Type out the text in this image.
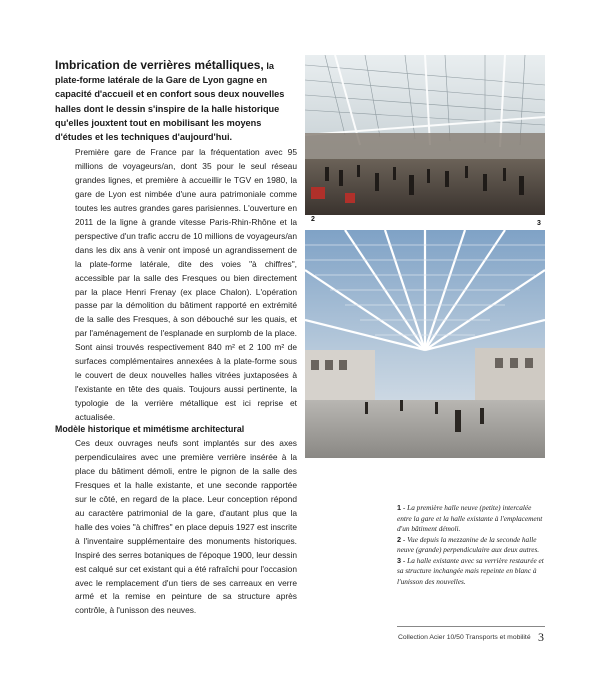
Imbrication de verrières métalliques, la plate-forme latérale de la Gare de Lyon gagne en capacité d'accueil et en confort sous deux nouvelles halles dont le dessin s'inspire de la halle historique qu'elles jouxtent tout en mobilisant les moyens d'études et les techniques d'aujourd'hui.

Première gare de France par la fréquentation avec 95 millions de voyageurs/an, dont 35 pour le seul réseau grandes lignes, et première à accueillir le TGV en 1980, la gare de Lyon est nimbée d'une aura patrimoniale comme toutes les autres grandes gares parisiennes. L'ouverture en 2011 de la ligne à grande vitesse Paris-Rhin-Rhône et la perspective d'un trafic accru de 10 millions de voyageurs/an dans les dix ans à venir ont imposé un agrandissement de la plate-forme latérale, dite des voies "à chiffres", accessible par la salle des Fresques ou bien directement par la place Henri Frenay (ex place Chalon). L'opération passe par la démolition du bâtiment rapporté en extrémité de la salle des Fresques, à son débouché sur les quais, et par l'aménagement de l'esplanade en surplomb de la place. Sont ainsi trouvés respectivement 840 m² et 2 100 m² de surfaces complémentaires annexées à la plate-forme sous le couvert de deux nouvelles halles vitrées juxtaposées à l'existante en tête des quais. Toujours aussi pertinente, la typologie de la verrière métallique est ici reprise et actualisée.

Modèle historique et mimétisme architectural

Ces deux ouvrages neufs sont implantés sur des axes perpendiculaires avec une première verrière insérée à la place du bâtiment démoli, entre le pignon de la salle des Fresques et la halle existante, et une seconde rapportée sur le côté, en regard de la place. Leur conception répond au caractère patrimonial de la gare, d'autant plus que la halle des voies "à chiffres" en place depuis 1927 est inscrite à l'inventaire supplémentaire des monuments historiques. Inspiré des serres botaniques de l'époque 1900, leur dessin est calqué sur cet existant qui a été rafraîchi pour l'occasion avec le remplacement d'un tiers de ses carreaux en verre armé et la remise en peinture de sa structure après contrôle, à l'unisson des neuves.

2
3

1 - La première halle neuve (petite) intercalée entre la gare et la halle existante à l'emplacement d'un bâtiment démoli.

2 - Vue depuis la mezzanine de la seconde halle neuve (grande) perpendiculaire aux deux autres.

3 - La halle existante avec sa verrière restaurée et sa structure inchangée mais repeinte en blanc à l'unisson des nouvelles.

Collection Acier 10/50 Transports et mobilité 3
